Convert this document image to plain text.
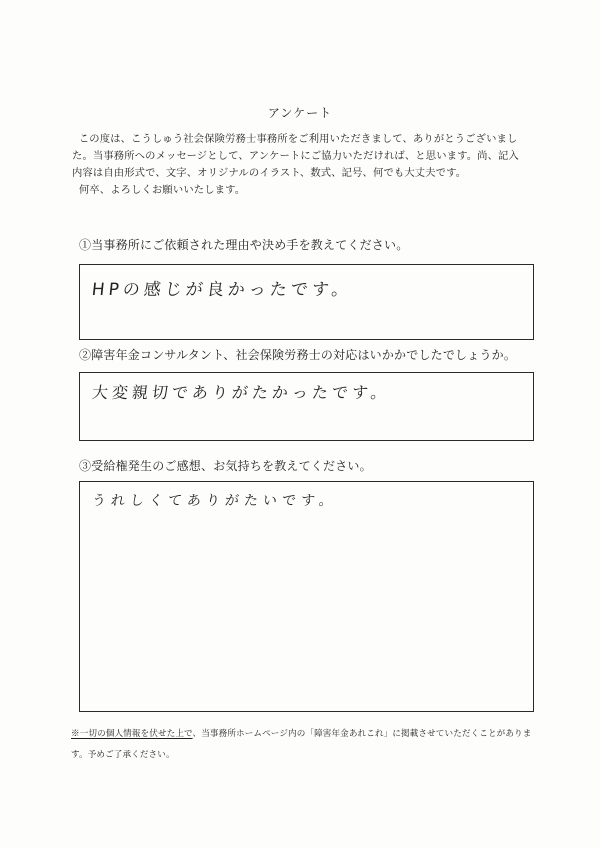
アンケート

この度は、こうしゅう社会保険労務士事務所をご利用いただきまして、ありがとうございまし

た。当事務所へのメッセージとして、アンケートにご協力いただければ、と思います。尚、記入

内容は自由形式で、文字、オリジナルのイラスト、数式、記号、何でも大丈夫です。

何卒、よろしくお願いいたします。

①当事務所にご依頼された理由や決め手を教えてください。
HPの感じが良かったです。
②障害年金コンサルタント、社会保険労務士の対応はいかかでしたでしょうか。
大変親切でありがたかったです。
③受給権発生のご感想、お気持ちを教えてください。
うれしくてありがたいです。
※一切の個人情報を伏せた上で、当事務所ホームページ内の「障害年金あれこれ」に掲載させていただくことがありま
す。予めご了承ください。
